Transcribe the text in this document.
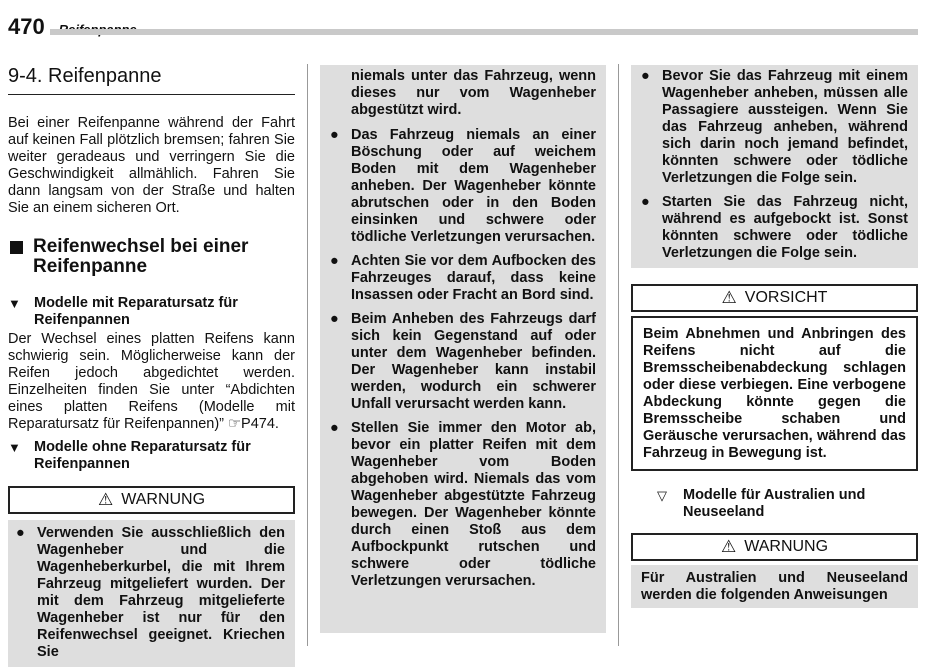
470
9-4. Reifenpanne

Bei einer Reifenpanne während der Fahrt auf keinen Fall plötzlich bremsen; fahren Sie weiter geradeaus und verringern Sie die Geschwindigkeit allmählich. Fahren Sie dann langsam von der Straße und halten Sie an einem sicheren Ort.

Reifenwechsel bei einer Reifenpanne
▼ Modelle mit Reparatursatz für Reifenpannen

Der Wechsel eines platten Reifens kann schwierig sein. Möglicherweise kann der Reifen jedoch abgedichtet werden. Einzelheiten finden Sie unter “Abdichten eines platten Reifens (Modelle mit Reparatursatz für Reifenpannen)” ☞P474.

▼ Modelle ohne Reparatursatz für Reifenpannen
⚠ WARNUNG
● Verwenden Sie ausschließlich den Wagenheber und die Wagenheberkurbel, die mit Ihrem Fahrzeug mitgeliefert wurden. Der mit dem Fahrzeug mitgelieferte Wagenheber ist nur für den Reifenwechsel geeignet. Kriechen Sie
niemals unter das Fahrzeug, wenn dieses nur vom Wagenheber abgestützt wird.
● Das Fahrzeug niemals an einer Böschung oder auf weichem Boden mit dem Wagenheber anheben. Der Wagenheber könnte abrutschen oder in den Boden einsinken und schwere oder tödliche Verletzungen verursachen.
● Achten Sie vor dem Aufbocken des Fahrzeuges darauf, dass keine Insassen oder Fracht an Bord sind.
● Beim Anheben des Fahrzeugs darf sich kein Gegenstand auf oder unter dem Wagenheber befinden. Der Wagenheber kann instabil werden, wodurch ein schwerer Unfall verursacht werden kann.
● Stellen Sie immer den Motor ab, bevor ein platter Reifen mit dem Wagenheber vom Boden abgehoben wird. Niemals das vom Wagenheber abgestützte Fahrzeug bewegen. Der Wagenheber könnte durch einen Stoß aus dem Aufbockpunkt rutschen und schwere oder tödliche Verletzungen verursachen.
● Bevor Sie das Fahrzeug mit einem Wagenheber anheben, müssen alle Passagiere aussteigen. Wenn Sie das Fahrzeug anheben, während sich darin noch jemand befindet, könnten schwere oder tödliche Verletzungen die Folge sein.
● Starten Sie das Fahrzeug nicht, während es aufgebockt ist. Sonst könnten schwere oder tödliche Verletzungen die Folge sein.
⚠ VORSICHT
Beim Abnehmen und Anbringen des Reifens nicht auf die Bremsscheibenabdeckung schlagen oder diese verbiegen. Eine verbogene Abdeckung könnte gegen die Bremsscheibe schaben und Geräusche verursachen, während das Fahrzeug in Bewegung ist.
▽	Modelle für Australien und Neuseeland
⚠ WARNUNG
Für Australien und Neuseeland werden die folgenden Anweisungen
